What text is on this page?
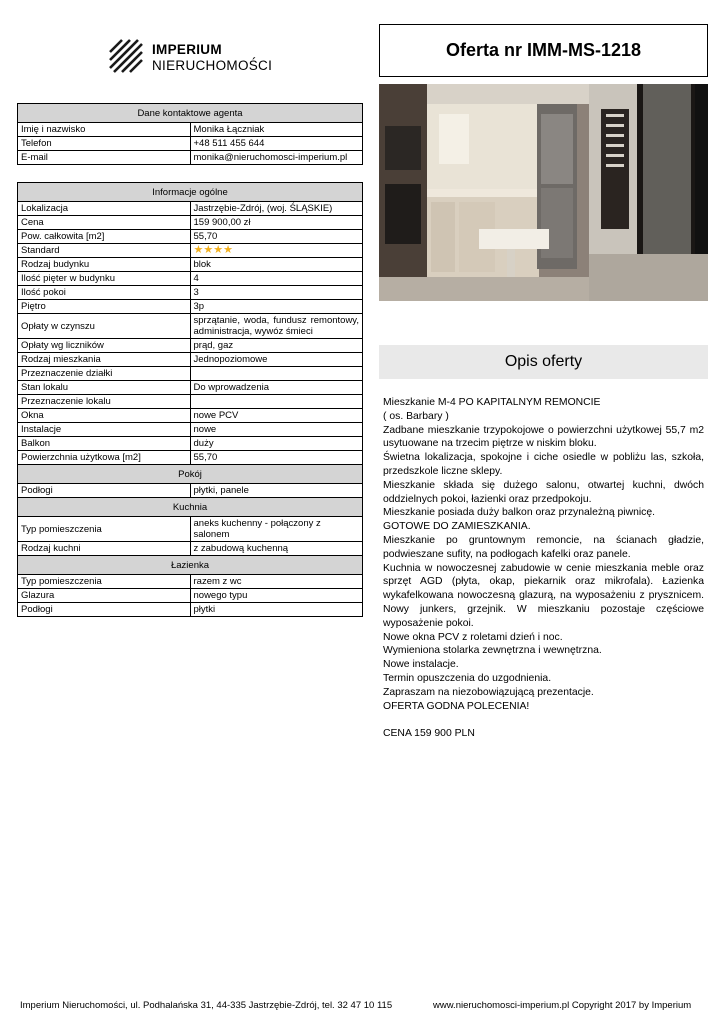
IMPERIUM
NIERUCHOMOŚCI
Oferta nr IMM-MS-1218
Dane kontaktowe agenta	
Imię i nazwisko	Monika Łączniak
Telefon	+48 511 455 644
E-mail	monika@nieruchomosci-imperium.pl
Informacje ogólne	
Lokalizacja	Jastrzębie-Zdrój, (woj. ŚLĄSKIE)
Cena	159 900,00 zł
Pow. całkowita [m2]	55,70
Standard	★★★★
Rodzaj budynku	blok
Ilość pięter w budynku	4
Ilość pokoi	3
Piętro	3p
Opłaty w czynszu	sprzątanie, woda, fundusz remontowy, administracja, wywóz śmieci
Opłaty wg liczników	prąd, gaz
Rodzaj mieszkania	Jednopoziomowe
Przeznaczenie działki	
Stan lokalu	Do wprowadzenia
Przeznaczenie lokalu	
Okna	nowe PCV
Instalacje	nowe
Balkon	duży
Powierzchnia użytkowa [m2]	55,70
Pokój	
Podłogi	płytki, panele
Kuchnia	
Typ pomieszczenia	aneks kuchenny - połączony z salonem
Rodzaj kuchni	z zabudową kuchenną
Łazienka	
Typ pomieszczenia	razem z wc
Glazura	nowego typu
Podłogi	płytki
Opis oferty

Mieszkanie M-4 PO KAPITALNYM REMONCIE

( os. Barbary )

Zadbane mieszkanie trzypokojowe o powierzchni użytkowej 55,7 m2 usytuowane na trzecim piętrze w niskim bloku.

Świetna lokalizacja, spokojne i ciche osiedle w pobliżu las, szkoła, przedszkole liczne sklepy.

Mieszkanie składa się dużego salonu, otwartej kuchni, dwóch oddzielnych pokoi, łazienki oraz przedpokoju.

Mieszkanie posiada duży balkon oraz przynależną piwnicę.

GOTOWE DO ZAMIESZKANIA.

Mieszkanie po gruntownym remoncie, na ścianach gładzie, podwieszane sufity, na podłogach kafelki oraz panele.

Kuchnia w nowoczesnej zabudowie w cenie mieszkania meble oraz sprzęt AGD (płyta, okap, piekarnik oraz mikrofala). Łazienka wykafelkowana nowoczesną glazurą, na wyposażeniu z prysznicem. Nowy junkers, grzejnik. W mieszkaniu pozostaje częściowe wyposażenie pokoi.

Nowe okna PCV z roletami dzień i noc.

Wymieniona stolarka zewnętrzna i wewnętrzna.

Nowe instalacje.

Termin opuszczenia do uzgodnienia.

Zapraszam na niezobowiązującą prezentacje.

OFERTA GODNA POLECENIA!

CENA 159 900 PLN

Imperium Nieruchomości, ul. Podhalańska 31, 44-335 Jastrzębie-Zdrój, tel. 32 47 10 115	www.nieruchomosci-imperium.pl Copyright 2017 by Imperium
